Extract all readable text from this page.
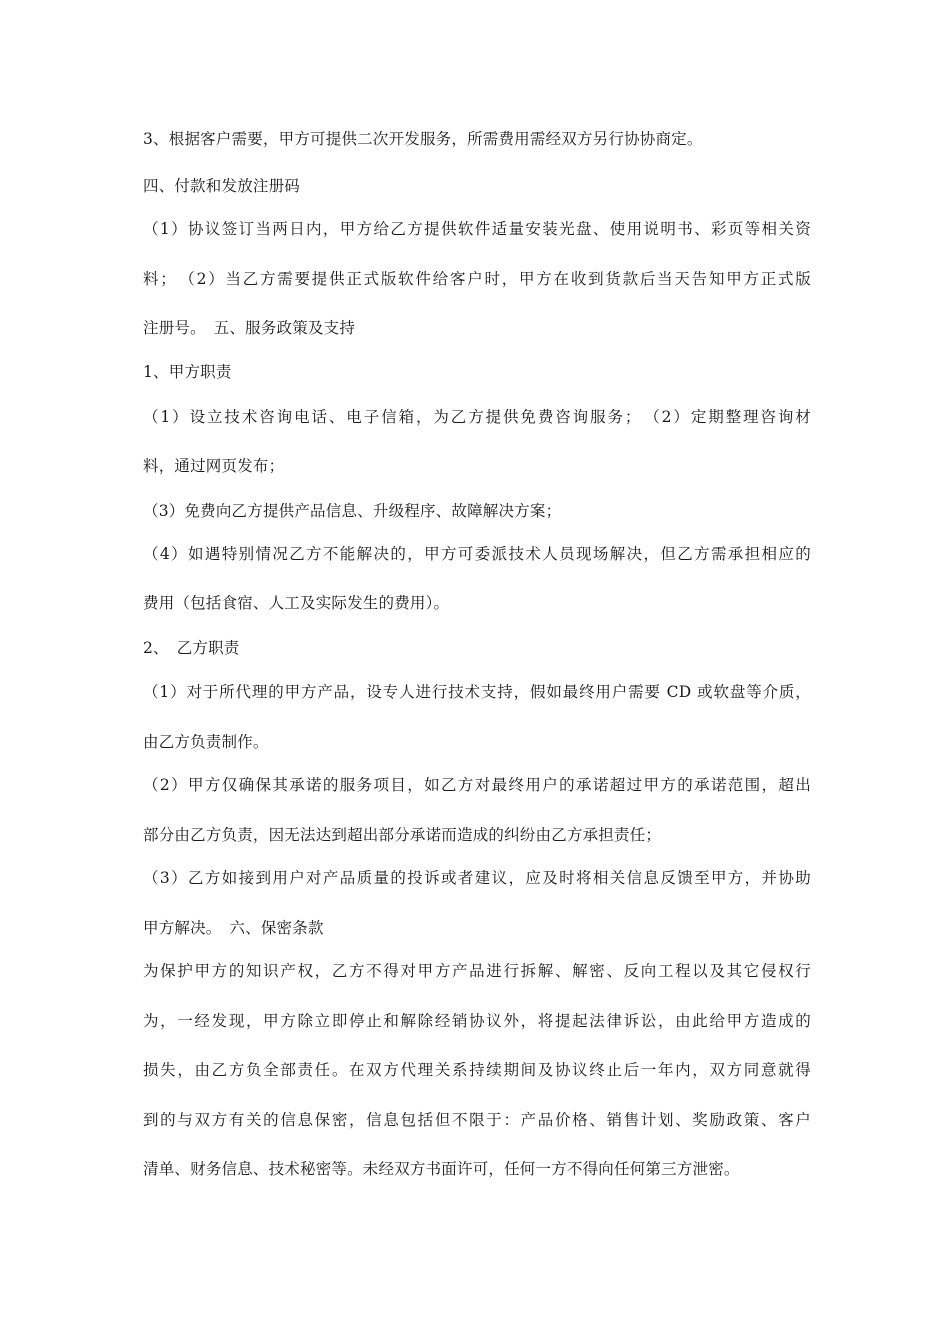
3、根据客户需要，甲方可提供二次开发服务，所需费用需经双方另行协协商定。
四、付款和发放注册码
（1）协议签订当两日内，甲方给乙方提供软件适量安装光盘、使用说明书、彩页等相关资
料；　（2）当乙方需要提供正式版软件给客户时，甲方在收到货款后当天告知甲方正式版
注册号。　五、服务政策及支持
1、甲方职责
（1）设立技术咨询电话、电子信箱，为乙方提供免费咨询服务；　（2）定期整理咨询材
料，通过网页发布；
（3）免费向乙方提供产品信息、升级程序、故障解决方案；
（4）如遇特别情况乙方不能解决的，甲方可委派技术人员现场解决，但乙方需承担相应的
费用（包括食宿、人工及实际发生的费用）。
2、　乙方职责
（1）对于所代理的甲方产品，设专人进行技术支持，假如最终用户需要 CD 或软盘等介质，
由乙方负责制作。
（2）甲方仅确保其承诺的服务项目，如乙方对最终用户的承诺超过甲方的承诺范围，超出
部分由乙方负责，因无法达到超出部分承诺而造成的纠纷由乙方承担责任；
（3）乙方如接到用户对产品质量的投诉或者建议，应及时将相关信息反馈至甲方，并协助
甲方解决。　六、保密条款
为保护甲方的知识产权，乙方不得对甲方产品进行拆解、解密、反向工程以及其它侵权行
为，一经发现，甲方除立即停止和解除经销协议外，将提起法律诉讼，由此给甲方造成的
损失，由乙方负全部责任。在双方代理关系持续期间及协议终止后一年内，双方同意就得
到的与双方有关的信息保密，信息包括但不限于：产品价格、销售计划、奖励政策、客户
清单、财务信息、技术秘密等。未经双方书面许可，任何一方不得向任何第三方泄密。
